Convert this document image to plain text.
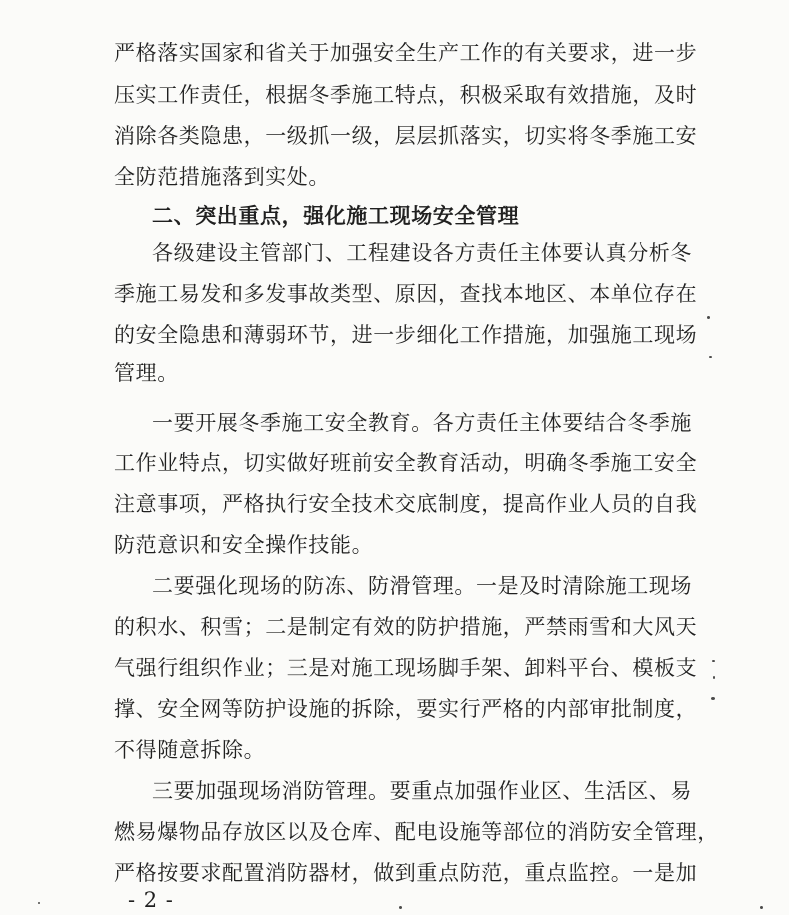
严格落实国家和省关于加强安全生产工作的有关要求，进一步
压实工作责任，根据冬季施工特点，积极采取有效措施，及时
消除各类隐患，一级抓一级，层层抓落实，切实将冬季施工安
全防范措施落到实处。
二、突出重点，强化施工现场安全管理
各级建设主管部门、工程建设各方责任主体要认真分析冬
季施工易发和多发事故类型、原因，查找本地区、本单位存在
的安全隐患和薄弱环节，进一步细化工作措施，加强施工现场
管理。
一要开展冬季施工安全教育。各方责任主体要结合冬季施
工作业特点，切实做好班前安全教育活动，明确冬季施工安全
注意事项，严格执行安全技术交底制度，提高作业人员的自我
防范意识和安全操作技能。
二要强化现场的防冻、防滑管理。一是及时清除施工现场
的积水、积雪；二是制定有效的防护措施，严禁雨雪和大风天
气强行组织作业；三是对施工现场脚手架、卸料平台、模板支
撑、安全网等防护设施的拆除，要实行严格的内部审批制度，
不得随意拆除。
三要加强现场消防管理。要重点加强作业区、生活区、易
燃易爆物品存放区以及仓库、配电设施等部位的消防安全管理，
严格按要求配置消防器材，做到重点防范，重点监控。一是加
- 2 -
